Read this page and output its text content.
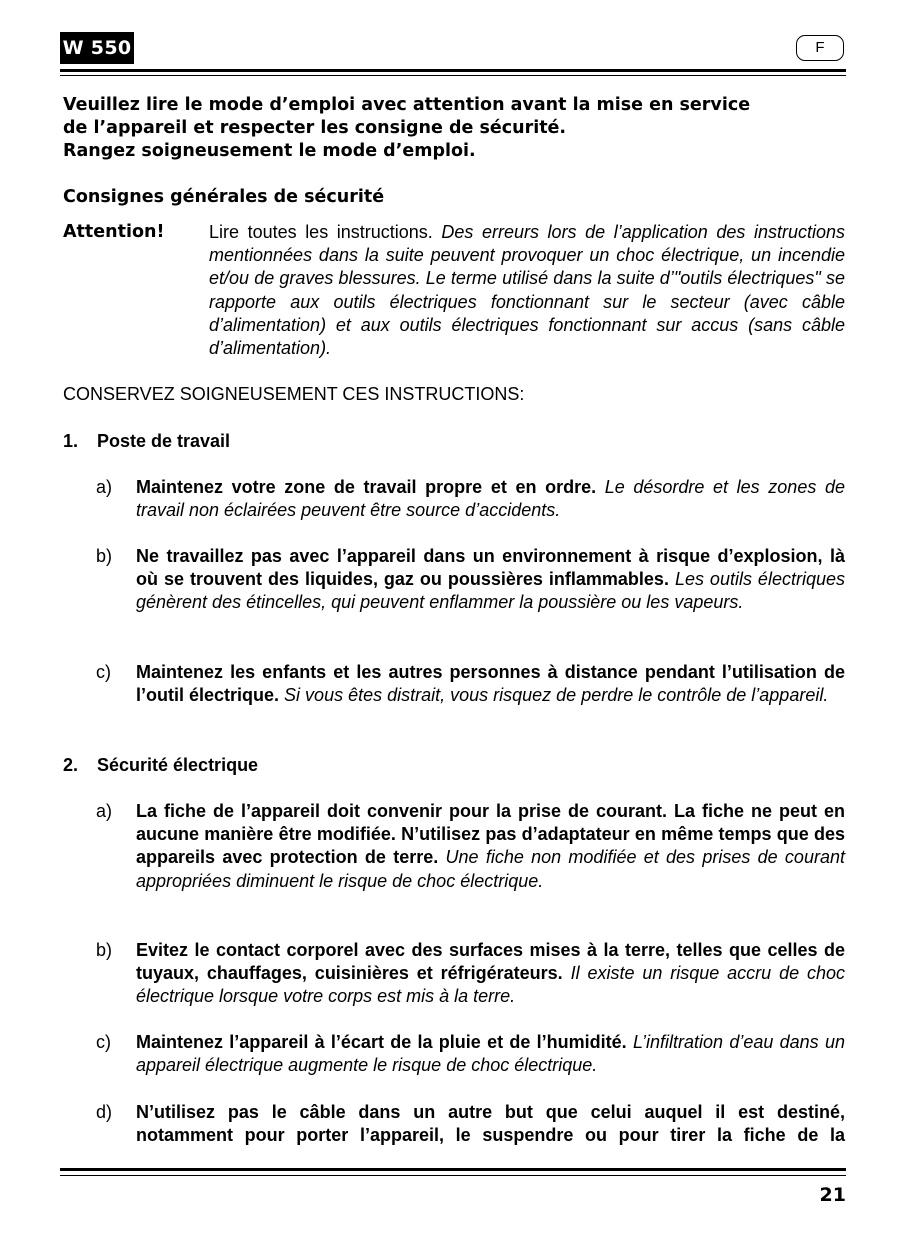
W 550	F
Veuillez lire le mode d’emploi avec attention avant la mise en service
de l’appareil et respecter les consigne de sécurité.
Rangez soigneusement le mode d’emploi.
Consignes générales de sécurité
Attention! Lire toutes les instructions. Des erreurs lors de l’application des instructions mentionnées dans la suite peuvent provoquer un choc électrique, un incendie et/ou de graves blessures. Le terme utilisé dans la suite d’"outils électriques" se rapporte aux outils électriques fonctionnant sur le secteur (avec câble d’alimentation) et aux outils électriques fonctionnant sur accus (sans câble d’alimentation).
CONSERVEZ SOIGNEUSEMENT CES INSTRUCTIONS:
1. Poste de travail
a) Maintenez votre zone de travail propre et en ordre. Le désordre et les zones de travail non éclairées peuvent être source d’accidents.
b) Ne travaillez pas avec l’appareil dans un environnement à risque d’explosion, là où se trouvent des liquides, gaz ou poussières inflammables. Les outils électriques génèrent des étincelles, qui peuvent enflammer la poussière ou les vapeurs.
c) Maintenez les enfants et les autres personnes à distance pendant l’utilisation de l’outil électrique. Si vous êtes distrait, vous risquez de perdre le contrôle de l’appareil.
2. Sécurité électrique
a) La fiche de l’appareil doit convenir pour la prise de courant. La fiche ne peut en aucune manière être modifiée. N’utilisez pas d’adaptateur en même temps que des appareils avec protection de terre. Une fiche non modifiée et des prises de courant appropriées diminuent le risque de choc électrique.
b) Evitez le contact corporel avec des surfaces mises à la terre, telles que celles de tuyaux, chauffages, cuisinières et réfrigérateurs. Il existe un risque accru de choc électrique lorsque votre corps est mis à la terre.
c) Maintenez l’appareil à l’écart de la pluie et de l’humidité. L’infiltration d’eau dans un appareil électrique augmente le risque de choc électrique.
d) N’utilisez pas le câble dans un autre but que celui auquel il est destiné, notamment pour porter l’appareil, le suspendre ou pour tirer la fiche de la
21
